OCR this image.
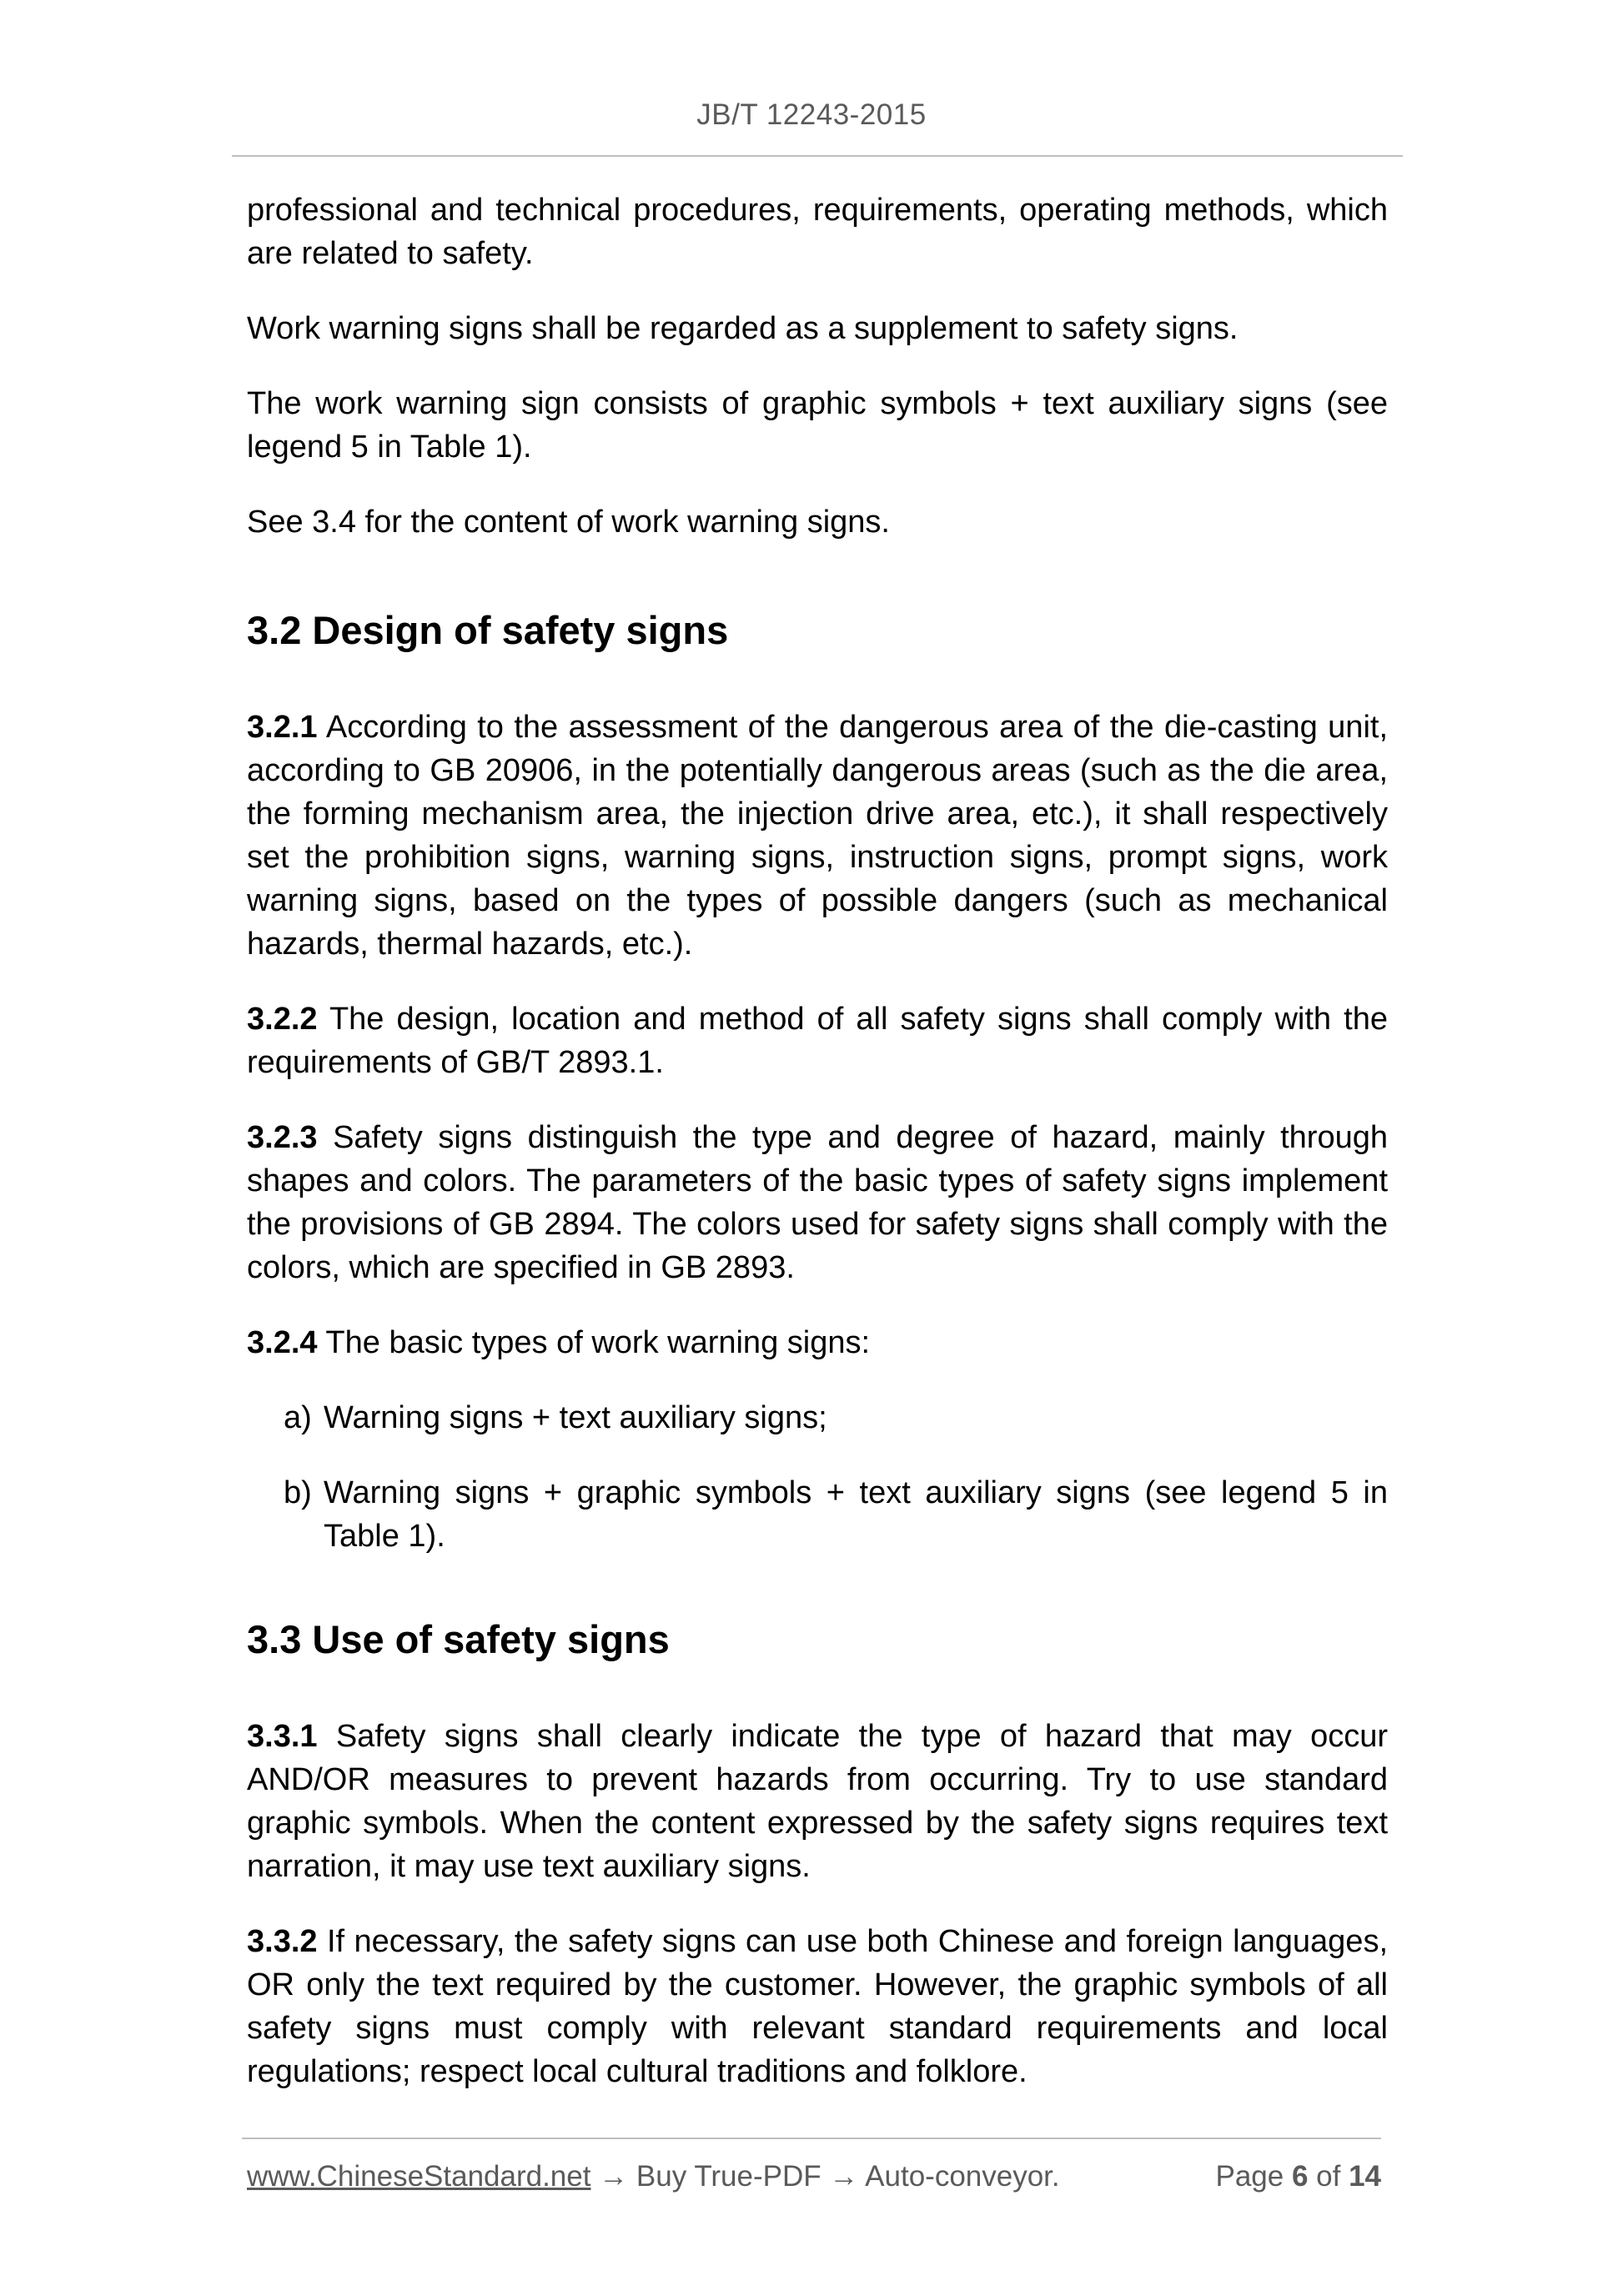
JB/T 12243-2015

professional and technical procedures, requirements, operating methods, which are related to safety.

Work warning signs shall be regarded as a supplement to safety signs.

The work warning sign consists of graphic symbols + text auxiliary signs (see legend 5 in Table 1).

See 3.4 for the content of work warning signs.

3.2 Design of safety signs

3.2.1 According to the assessment of the dangerous area of the die-casting unit, according to GB 20906, in the potentially dangerous areas (such as the die area, the forming mechanism area, the injection drive area, etc.), it shall respectively set the prohibition signs, warning signs, instruction signs, prompt signs, work warning signs, based on the types of possible dangers (such as mechanical hazards, thermal hazards, etc.).

3.2.2 The design, location and method of all safety signs shall comply with the requirements of GB/T 2893.1.

3.2.3 Safety signs distinguish the type and degree of hazard, mainly through shapes and colors. The parameters of the basic types of safety signs implement the provisions of GB 2894. The colors used for safety signs shall comply with the colors, which are specified in GB 2893.

3.2.4 The basic types of work warning signs:

a) Warning signs + text auxiliary signs;
b) Warning signs + graphic symbols + text auxiliary signs (see legend 5 in Table 1).
3.3 Use of safety signs

3.3.1 Safety signs shall clearly indicate the type of hazard that may occur AND/OR measures to prevent hazards from occurring. Try to use standard graphic symbols. When the content expressed by the safety signs requires text narration, it may use text auxiliary signs.

3.3.2 If necessary, the safety signs can use both Chinese and foreign languages, OR only the text required by the customer. However, the graphic symbols of all safety signs must comply with relevant standard requirements and local regulations; respect local cultural traditions and folklore.

www.ChineseStandard.net → Buy True-PDF → Auto-conveyor.	Page 6 of 14
